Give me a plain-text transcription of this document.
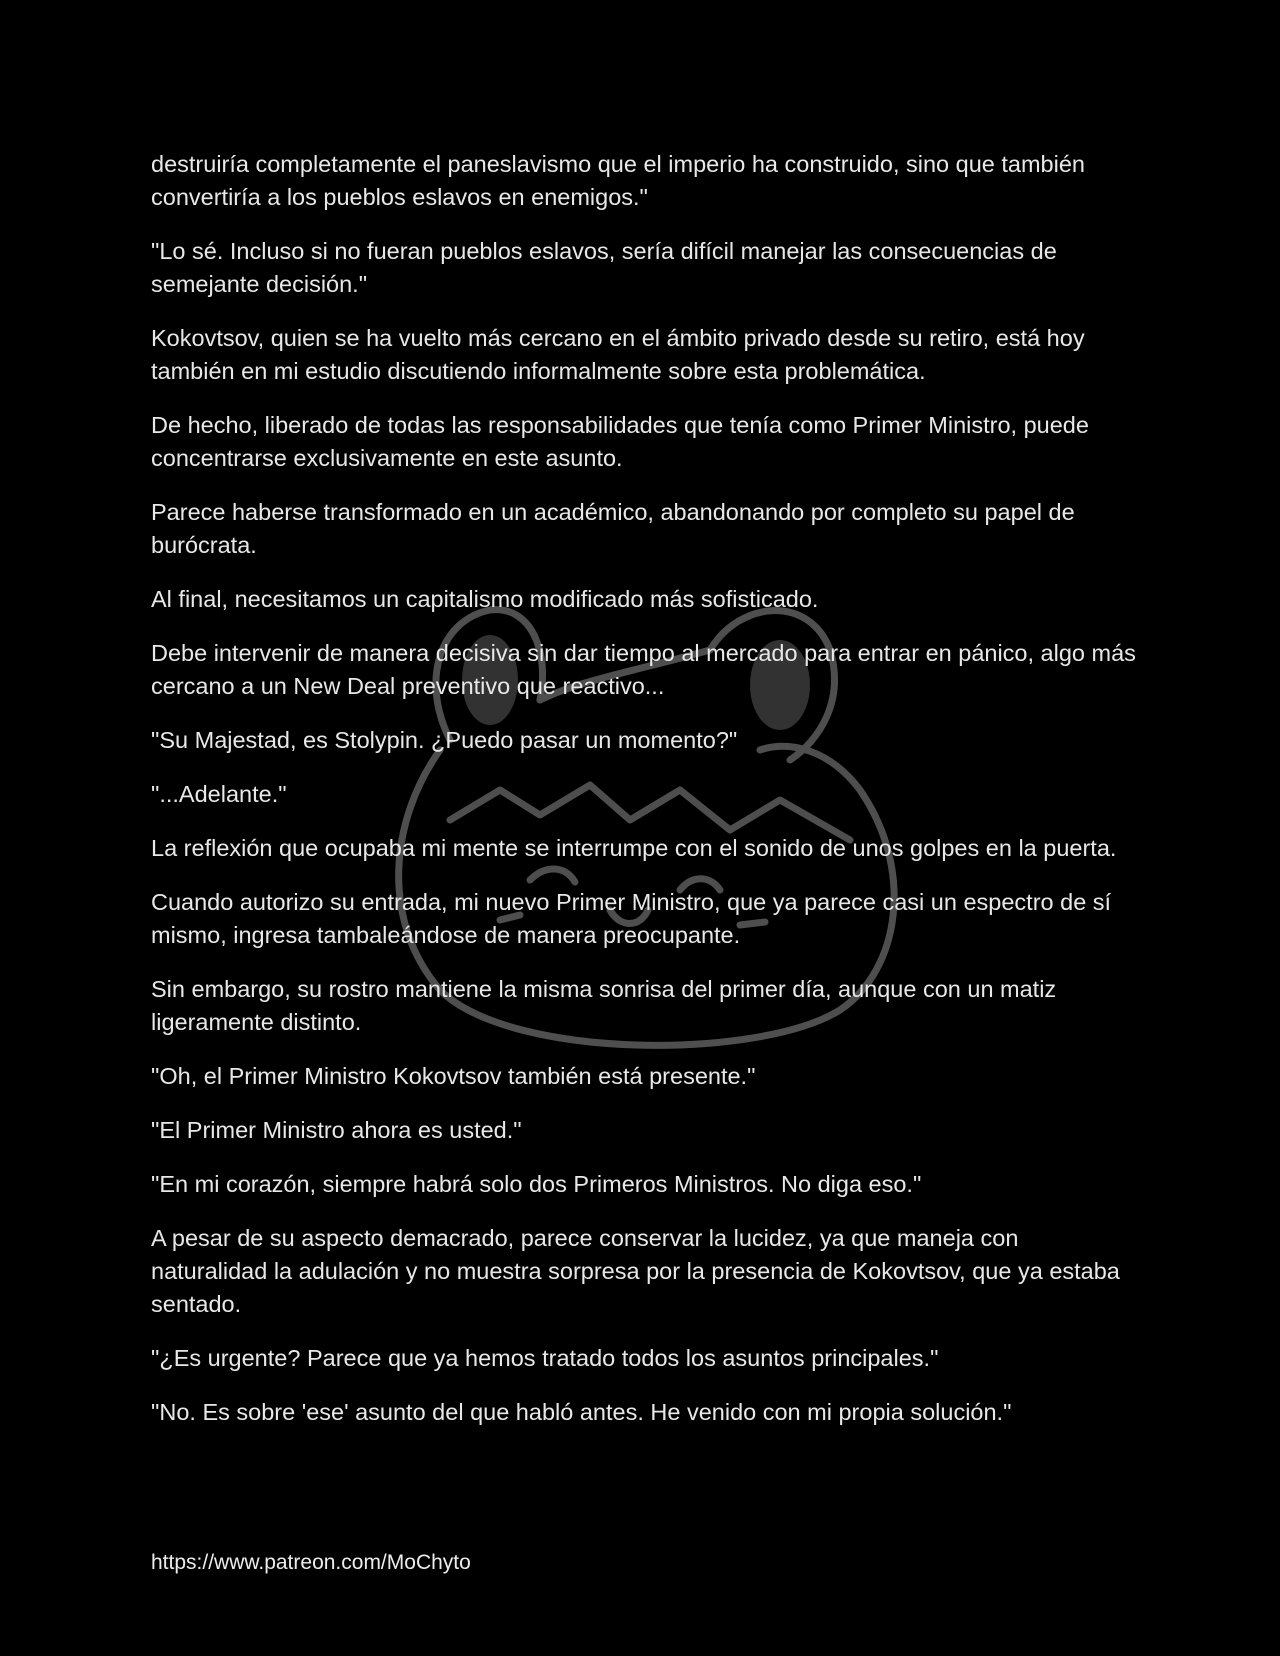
destruiría completamente el paneslavismo que el imperio ha construido, sino que también convertiría a los pueblos eslavos en enemigos."

"Lo sé. Incluso si no fueran pueblos eslavos, sería difícil manejar las consecuencias de semejante decisión."

Kokovtsov, quien se ha vuelto más cercano en el ámbito privado desde su retiro, está hoy también en mi estudio discutiendo informalmente sobre esta problemática.

De hecho, liberado de todas las responsabilidades que tenía como Primer Ministro, puede concentrarse exclusivamente en este asunto.

Parece haberse transformado en un académico, abandonando por completo su papel de burócrata.

Al final, necesitamos un capitalismo modificado más sofisticado.

Debe intervenir de manera decisiva sin dar tiempo al mercado para entrar en pánico, algo más cercano a un New Deal preventivo que reactivo...

"Su Majestad, es Stolypin. ¿Puedo pasar un momento?"

"...Adelante."

La reflexión que ocupaba mi mente se interrumpe con el sonido de unos golpes en la puerta.

Cuando autorizo su entrada, mi nuevo Primer Ministro, que ya parece casi un espectro de sí mismo, ingresa tambaleándose de manera preocupante.

Sin embargo, su rostro mantiene la misma sonrisa del primer día, aunque con un matiz ligeramente distinto.

"Oh, el Primer Ministro Kokovtsov también está presente."

"El Primer Ministro ahora es usted."

"En mi corazón, siempre habrá solo dos Primeros Ministros. No diga eso."

A pesar de su aspecto demacrado, parece conservar la lucidez, ya que maneja con naturalidad la adulación y no muestra sorpresa por la presencia de Kokovtsov, que ya estaba sentado.

"¿Es urgente? Parece que ya hemos tratado todos los asuntos principales."

"No. Es sobre 'ese' asunto del que habló antes. He venido con mi propia solución."

https://www.patreon.com/MoChyto
